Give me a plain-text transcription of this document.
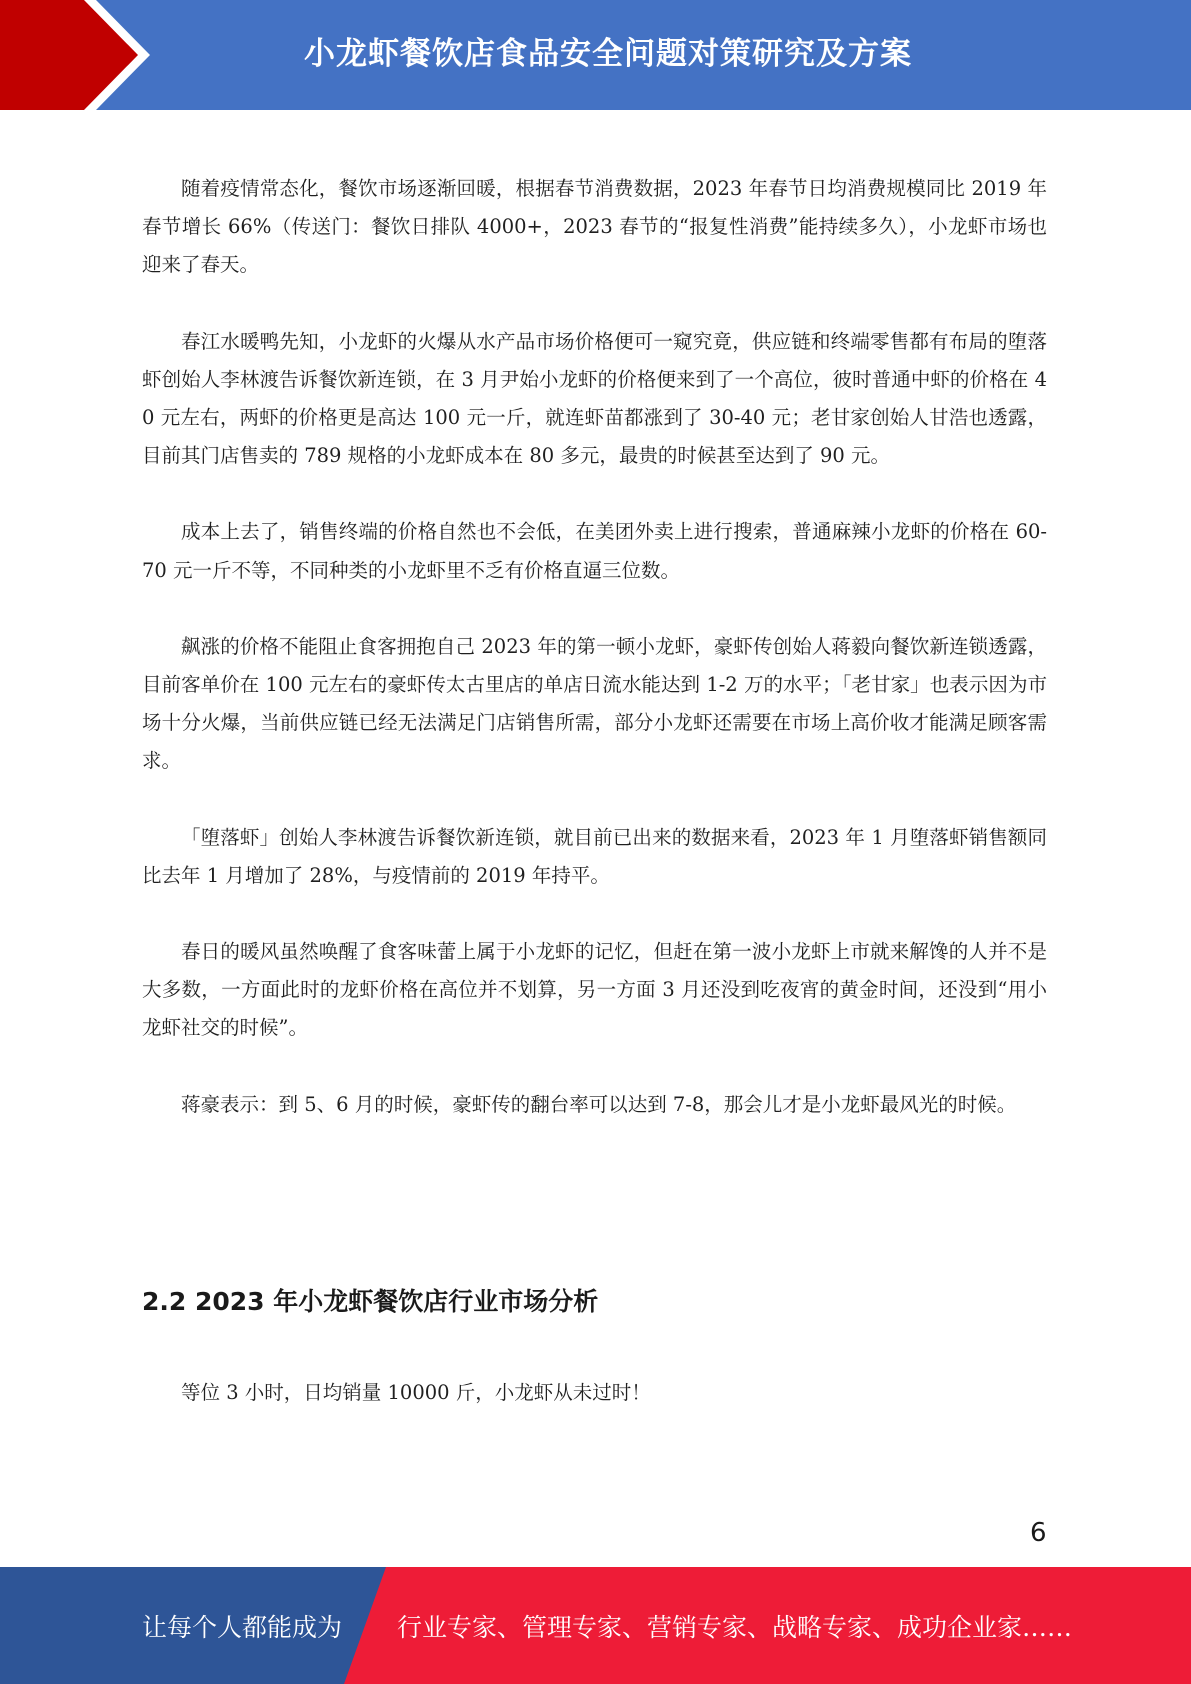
小龙虾餐饮店食品安全问题对策研究及方案

随着疫情常态化，餐饮市场逐渐回暖，根据春节消费数据，2023 年春节日均消费规模同比 2019 年春节增长 66%（传送门：餐饮日排队 4000+，2023 春节的“报复性消费”能持续多久），小龙虾市场也迎来了春天。

春江水暖鸭先知，小龙虾的火爆从水产品市场价格便可一窥究竟，供应链和终端零售都有布局的堕落虾创始人李林渡告诉餐饮新连锁，在 3 月尹始小龙虾的价格便来到了一个高位，彼时普通中虾的价格在 40 元左右，两虾的价格更是高达 100 元一斤，就连虾苗都涨到了 30-40 元；老甘家创始人甘浩也透露，目前其门店售卖的 789 规格的小龙虾成本在 80 多元，最贵的时候甚至达到了 90 元。

成本上去了，销售终端的价格自然也不会低，在美团外卖上进行搜索，普通麻辣小龙虾的价格在 60-70 元一斤不等，不同种类的小龙虾里不乏有价格直逼三位数。

飙涨的价格不能阻止食客拥抱自己 2023 年的第一顿小龙虾，豪虾传创始人蒋毅向餐饮新连锁透露，目前客单价在 100 元左右的豪虾传太古里店的单店日流水能达到 1-2 万的水平；「老甘家」也表示因为市场十分火爆，当前供应链已经无法满足门店销售所需，部分小龙虾还需要在市场上高价收才能满足顾客需求。

「堕落虾」创始人李林渡告诉餐饮新连锁，就目前已出来的数据来看，2023 年 1 月堕落虾销售额同比去年 1 月增加了 28%，与疫情前的 2019 年持平。

春日的暖风虽然唤醒了食客味蕾上属于小龙虾的记忆，但赶在第一波小龙虾上市就来解馋的人并不是大多数，一方面此时的龙虾价格在高位并不划算，另一方面 3 月还没到吃夜宵的黄金时间，还没到“用小龙虾社交的时候”。

蒋豪表示：到 5、6 月的时候，豪虾传的翻台率可以达到 7-8，那会儿才是小龙虾最风光的时候。

2.2 2023 年小龙虾餐饮店行业市场分析

等位 3 小时，日均销量 10000 斤，小龙虾从未过时！

6
让每个人都能成为 行业专家、管理专家、营销专家、战略专家、成功企业家……
